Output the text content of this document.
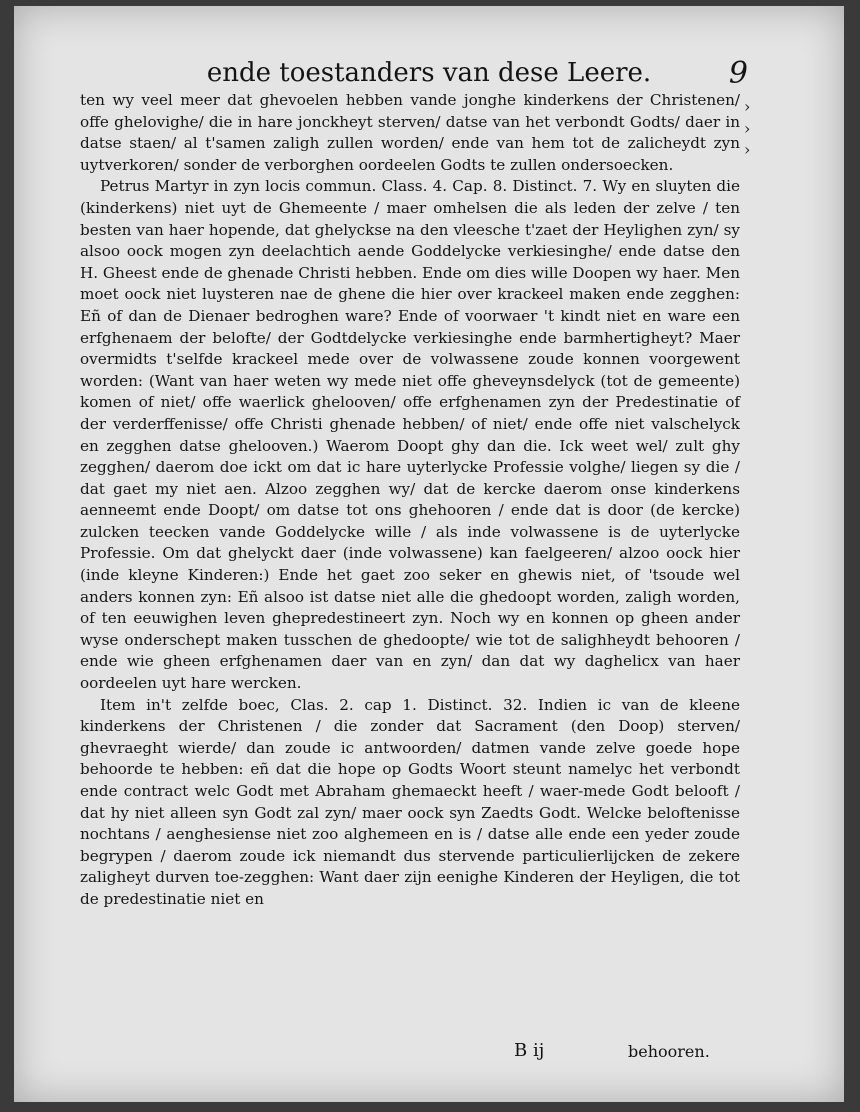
ende toestanders van dese Leere.	9

ten wy veel meer dat ghevoelen hebben vande jonghe kinderkens der Christenen/ offe ghelovighe/ die in hare jonckheyt sterven/ datse van het verbondt Godts/ daer in datse staen/ al t'samen zaligh zullen worden/ ende van hem tot de zalicheydt zyn uytverkoren/ sonder de verborghen oordeelen Godts te zullen ondersoecken.

Petrus Martyr in zyn locis commun. Class. 4. Cap. 8. Distinct. 7. Wy en sluyten die (kinderkens) niet uyt de Ghemeente / maer omhelsen die als leden der zelve / ten besten van haer hopende, dat ghelyckse na den vleesche t'zaet der Heylighen zyn/ sy alsoo oock mogen zyn deelachtich aende Goddelycke verkiesinghe/ ende datse den H. Gheest ende de ghenade Christi hebben. Ende om dies wille Doopen wy haer. Men moet oock niet luysteren nae de ghene die hier over krackeel maken ende zegghen: Eñ of dan de Dienaer bedroghen ware? Ende of voorwaer 't kindt niet en ware een erfghenaem der belofte/ der Godtdelycke verkiesinghe ende barmhertigheyt? Maer overmidts t'selfde krackeel mede over de volwassene zoude konnen voorgewent worden: (Want van haer weten wy mede niet offe gheveynsdelyck (tot de gemeente) komen of niet/ offe waerlick ghelooven/ offe erfghenamen zyn der Predestinatie of der verderffenisse/ offe Christi ghenade hebben/ of niet/ ende offe niet valschelyck en zegghen datse ghelooven.) Waerom Doopt ghy dan die. Ick weet wel/ zult ghy zegghen/ daerom doe ickt om dat ic hare uyterlycke Professie volghe/ liegen sy die / dat gaet my niet aen. Alzoo zegghen wy/ dat de kercke daerom onse kinderkens aenneemt ende Doopt/ om datse tot ons ghehooren / ende dat is door (de kercke) zulcken teecken vande Goddelycke wille / als inde volwassene is de uyterlycke Professie. Om dat ghelyckt daer (inde volwassene) kan faelgeeren/ alzoo oock hier (inde kleyne Kinderen:) Ende het gaet zoo seker en ghewis niet, of 'tsoude wel anders konnen zyn: Eñ alsoo ist datse niet alle die ghedoopt worden, zaligh worden, of ten eeuwighen leven ghepredestineert zyn. Noch wy en konnen op gheen ander wyse onderschept maken tusschen de ghedoopte/ wie tot de salighheydt behooren / ende wie gheen erfghenamen daer van en zyn/ dan dat wy daghelicx van haer oordeelen uyt hare wercken.

Item in't zelfde boec, Clas. 2. cap 1. Distinct. 32. Indien ic van de kleene kinderkens der Christenen / die zonder dat Sacrament (den Doop) sterven/ ghevraeght wierde/ dan zoude ic antwoorden/ datmen vande zelve goede hope behoorde te hebben: eñ dat die hope op Godts Woort steunt namelyc het verbondt ende contract welc Godt met Abraham ghemaeckt heeft / waer-mede Godt belooft / dat hy niet alleen syn Godt zal zyn/ maer oock syn Zaedts Godt. Welcke beloftenisse nochtans / aenghesiense niet zoo alghemeen en is / datse alle ende een yeder zoude begrypen / daerom zoude ick niemandt dus stervende particulierlijcken de zekere zaligheyt durven toe-zegghen: Want daer zijn eenighe Kinderen der Heyligen, die tot de predestinatie niet en

›
›
›
B ij	behooren.
